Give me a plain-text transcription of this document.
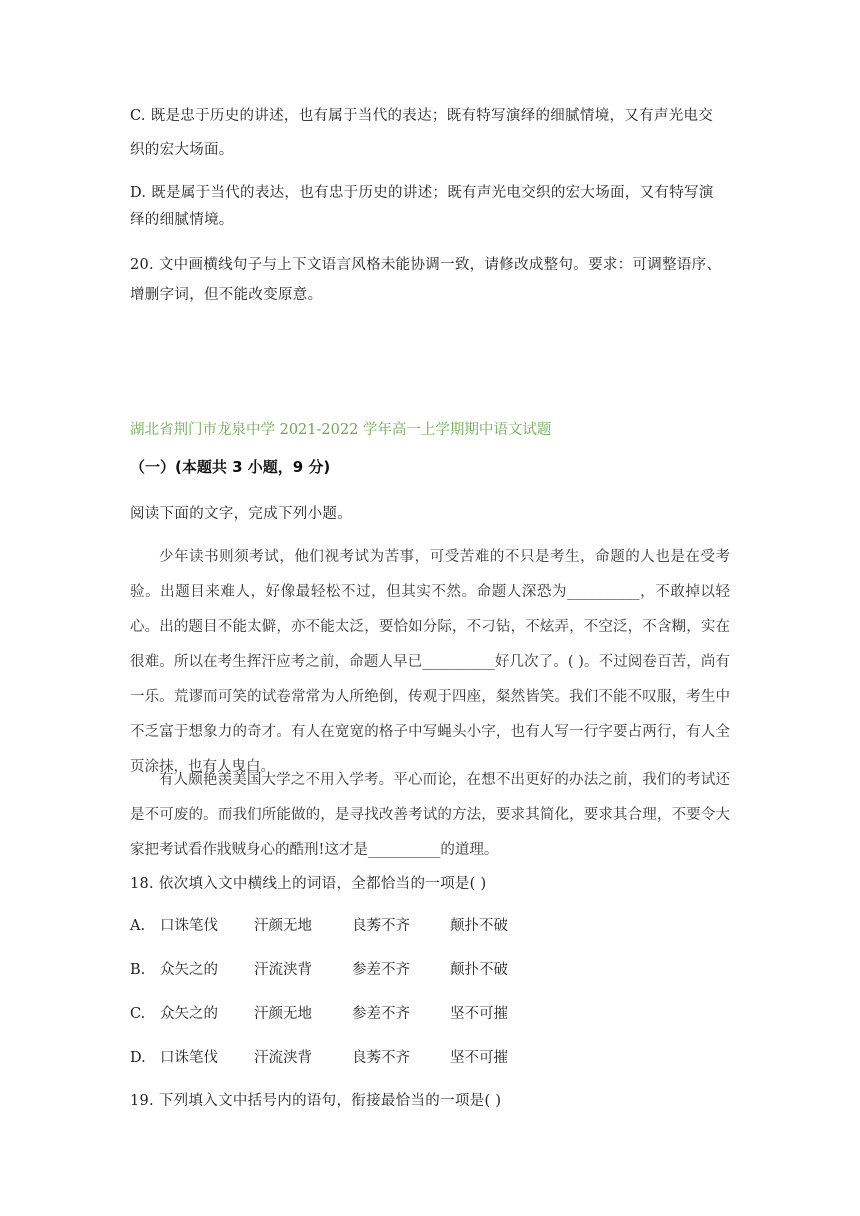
C. 既是忠于历史的讲述，也有属于当代的表达；既有特写演绎的细腻情境，又有声光电交
织的宏大场面。
D. 既是属于当代的表达，也有忠于历史的讲述；既有声光电交织的宏大场面，又有特写演
绎的细腻情境。
20. 文中画横线句子与上下文语言风格未能协调一致，请修改成整句。要求：可调整语序、
增删字词，但不能改变原意。
湖北省荆门市龙泉中学 2021-2022 学年高一上学期期中语文试题
（一）(本题共 3 小题，9 分)
阅读下面的文字，完成下列小题。
少年读书则须考试，他们视考试为苦事，可受苦难的不只是考生，命题的人也是在受考验。出题目来难人，好像最轻松不过，但其实不然。命题人深恐为__________，不敢掉以轻心。出的题目不能太僻，亦不能太泛，要恰如分际，不刁钻，不炫弄，不空泛，不含糊，实在很难。所以在考生挥汗应考之前，命题人早已__________好几次了。( )。不过阅卷百苦，尚有一乐。荒谬而可笑的试卷常常为人所绝倒，传观于四座，粲然皆笑。我们不能不叹服，考生中不乏富于想象力的奇才。有人在宽宽的格子中写蝇头小字，也有人写一行字要占两行，有人全页涂抹，也有人曳白。
有人颇艳羡美国大学之不用入学考。平心而论，在想不出更好的办法之前，我们的考试还是不可废的。而我们所能做的，是寻找改善考试的方法，要求其简化，要求其合理，不要令大家把考试看作戕贼身心的酷刑!这才是__________的道理。
18. 依次填入文中横线上的词语，全都恰当的一项是( )
A. 口诛笔伐 汗颜无地	良莠不齐	颠扑不破
B. 众矢之的 汗流浃背	参差不齐	颠扑不破
C. 众矢之的 汗颜无地	参差不齐	坚不可摧
D. 口诛笔伐 汗流浃背	良莠不齐	坚不可摧
19. 下列填入文中括号内的语句，衔接最恰当的一项是( )
